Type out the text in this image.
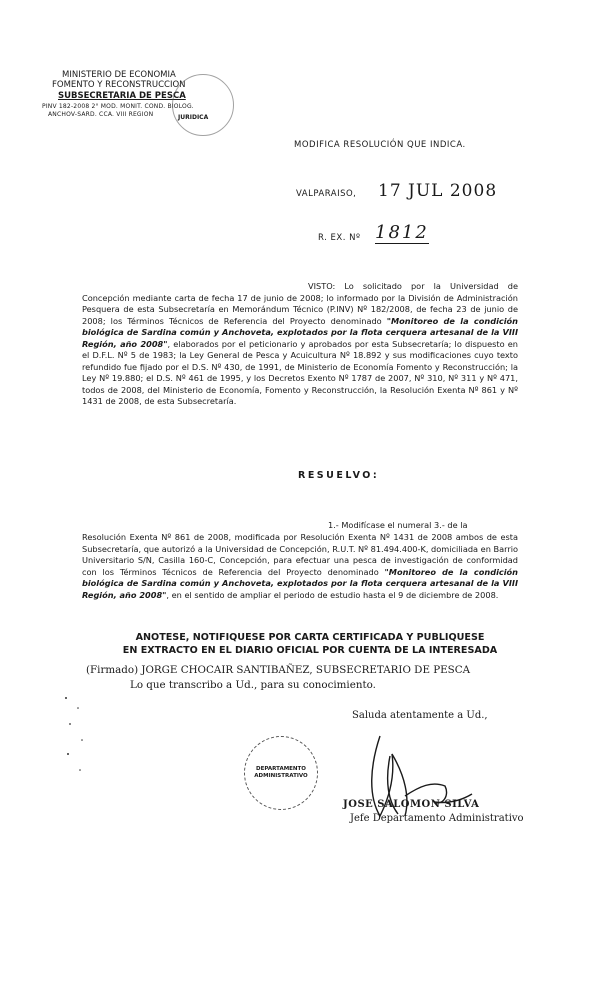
MINISTERIO DE ECONOMIA
FOMENTO Y RECONSTRUCCION
SUBSECRETARIA DE PESCA
PINV 182-2008 2° MOD. MONIT. COND. BIOLOG.
ANCHOV-SARD. CCA. VIII REGION	JURIDICA
MODIFICA RESOLUCIÓN QUE INDICA.
VALPARAISO, 17 JUL 2008
R. EX. Nº 1812
VISTO: Lo solicitado por la Universidad de Concepción mediante carta de fecha 17 de junio de 2008; lo informado por la División de Administración Pesquera de esta Subsecretaría en Memorándum Técnico (P.INV) Nº 182/2008, de fecha 23 de junio de 2008; los Términos Técnicos de Referencia del Proyecto denominado "Monitoreo de la condición biológica de Sardina común y Anchoveta, explotados por la flota cerquera artesanal de la VIII Región, año 2008", elaborados por el peticionario y aprobados por esta Subsecretaría; lo dispuesto en el D.F.L. Nº 5 de 1983; la Ley General de Pesca y Acuicultura Nº 18.892 y sus modificaciones cuyo texto refundido fue fijado por el D.S. Nº 430, de 1991, de Ministerio de Economía Fomento y Reconstrucción; la Ley Nº 19.880; el D.S. Nº 461 de 1995, y los Decretos Exento Nº 1787 de 2007, Nº 310, Nº 311 y Nº 471, todos de 2008, del Ministerio de Economía, Fomento y Reconstrucción, la Resolución Exenta Nº 861 y Nº 1431 de 2008, de esta Subsecretaría.
RESUELVO:
1.- Modifícase el numeral 3.- de la
Resolución Exenta Nº 861 de 2008, modificada por Resolución Exenta Nº 1431 de 2008 ambos de esta Subsecretaría, que autorizó a la Universidad de Concepción, R.U.T. Nº 81.494.400-K, domiciliada en Barrio Universitario S/N, Casilla 160-C, Concepción, para efectuar una pesca de investigación de conformidad con los Términos Técnicos de Referencia del Proyecto denominado "Monitoreo de la condición biológica de Sardina común y Anchoveta, explotados por la flota cerquera artesanal de la VIII Región, año 2008", en el sentido de ampliar el periodo de estudio hasta el 9 de diciembre de 2008.
ANOTESE, NOTIFIQUESE POR CARTA CERTIFICADA Y PUBLIQUESE
EN EXTRACTO EN EL DIARIO OFICIAL POR CUENTA DE LA INTERESADA
(Firmado) JORGE CHOCAIR SANTIBAÑEZ, SUBSECRETARIO DE PESCA
Lo que transcribo a Ud., para su conocimiento.
Saluda atentamente a Ud.,
DEPARTAMENTO ADMINISTRATIVO
JOSE SALOMON SILVA
Jefe Departamento Administrativo
